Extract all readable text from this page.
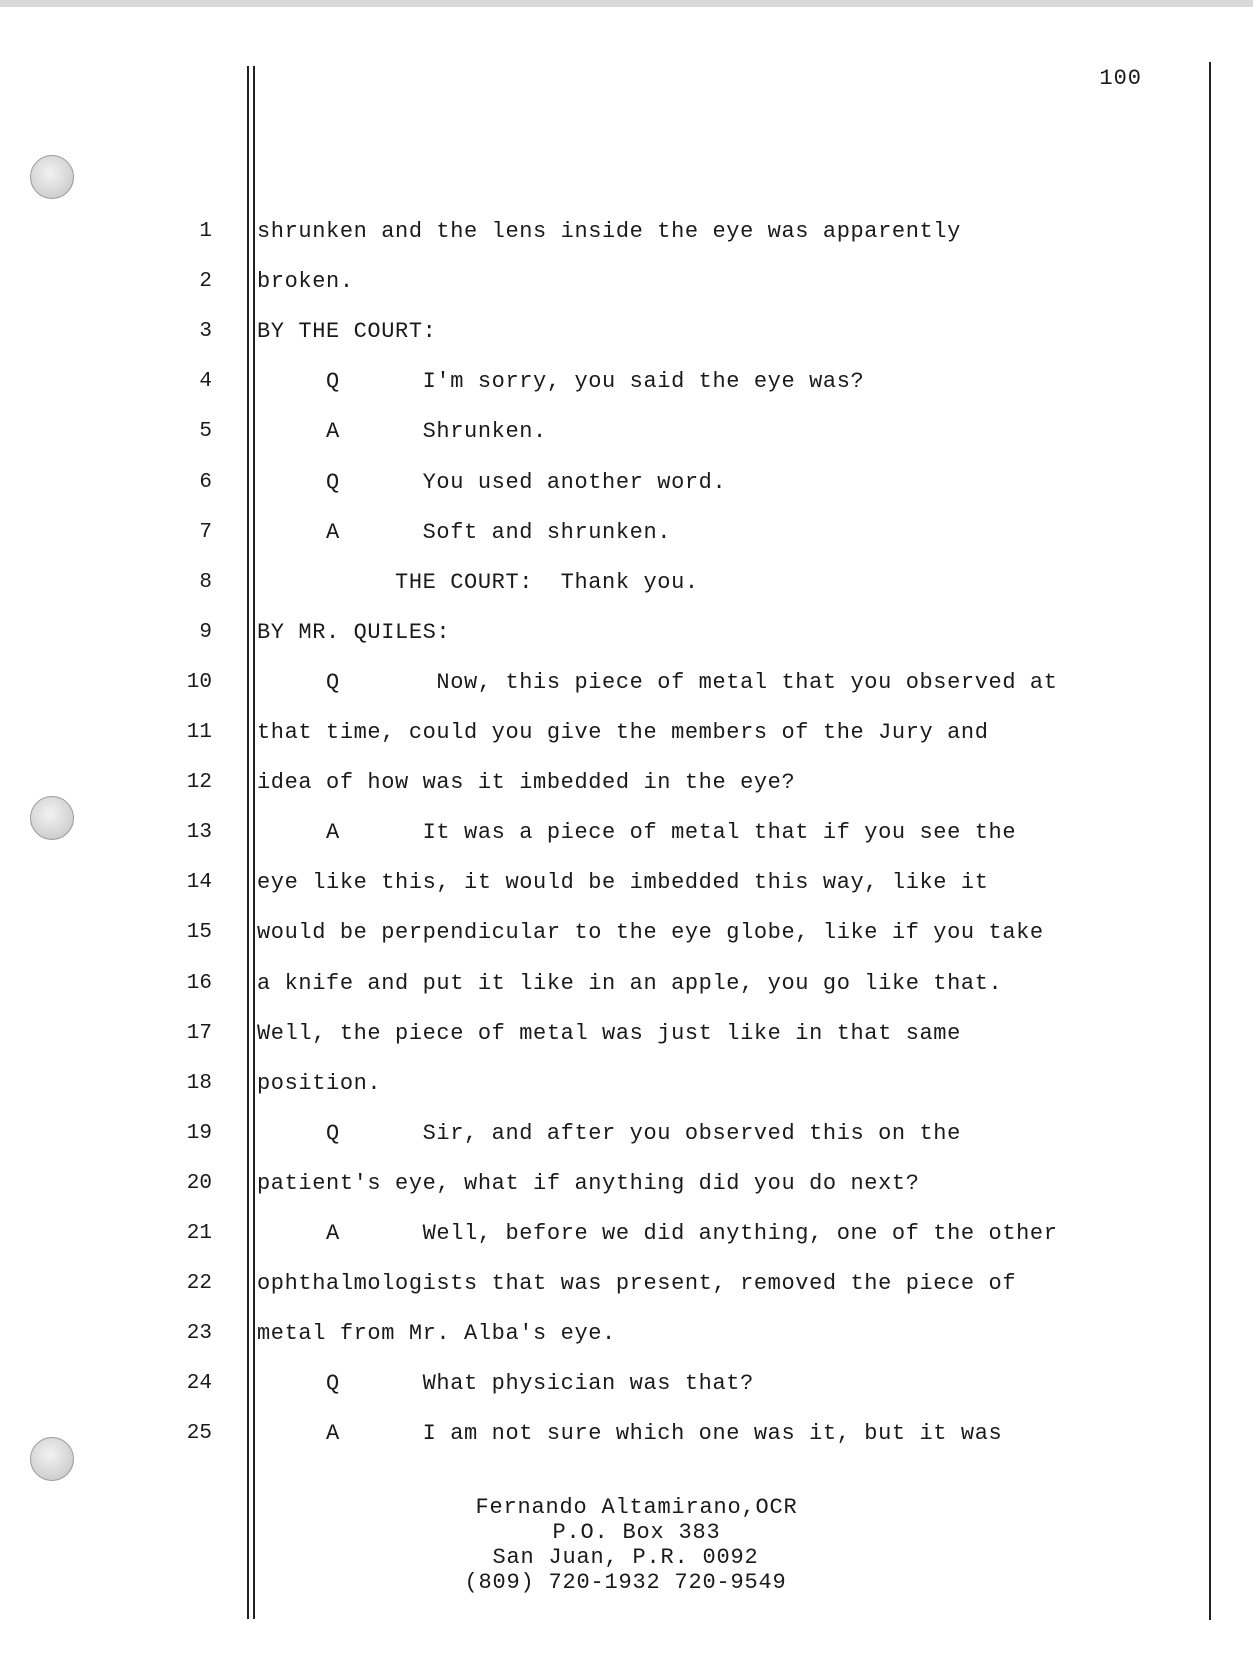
100
1 shrunken and the lens inside the eye was apparently
2 broken.
3 BY THE COURT:
4 Q      I'm sorry, you said the eye was?
5 A      Shrunken.
6 Q      You used another word.
7 A      Soft and shrunken.
8 THE COURT:  Thank you.
9 BY MR. QUILES:
10 Q       Now, this piece of metal that you observed at
11 that time, could you give the members of the Jury and
12 idea of how was it imbedded in the eye?
13 A      It was a piece of metal that if you see the
14 eye like this, it would be imbedded this way, like it
15 would be perpendicular to the eye globe, like if you take
16 a knife and put it like in an apple, you go like that.
17 Well, the piece of metal was just like in that same
18 position.
19 Q      Sir, and after you observed this on the
20 patient's eye, what if anything did you do next?
21 A      Well, before we did anything, one of the other
22 ophthalmologists that was present, removed the piece of
23 metal from Mr. Alba's eye.
24 Q      What physician was that?
25 A      I am not sure which one was it, but it was
Fernando Altamirano,OCR
P.O. Box 383
San Juan, P.R. 0092
(809) 720-1932 720-9549
